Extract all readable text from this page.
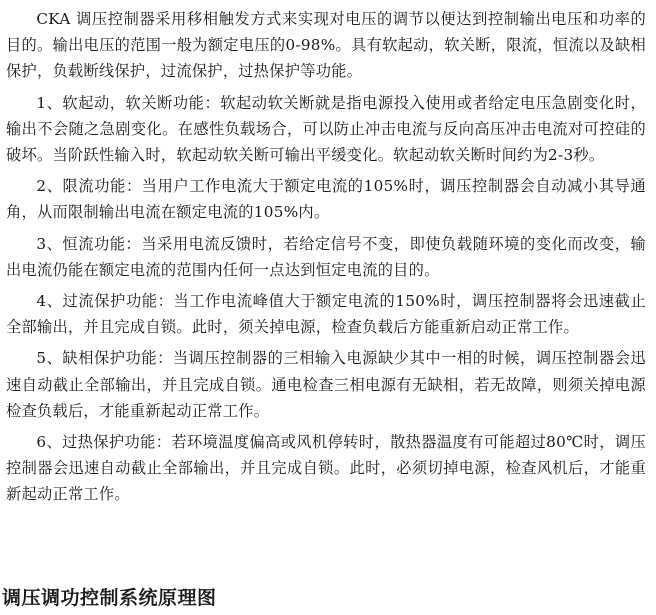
CKA 调压控制器采用移相触发方式来实现对电压的调节以便达到控制输出电压和功率的目的。输出电压的范围一般为额定电压的0-98%。具有软起动，软关断，限流，恒流以及缺相保护，负载断线保护，过流保护，过热保护等功能。

1、软起动，软关断功能：软起动软关断就是指电源投入使用或者给定电压急剧变化时，输出不会随之急剧变化。在感性负载场合，可以防止冲击电流与反向高压冲击电流对可控硅的破坏。当阶跃性输入时，软起动软关断可输出平缓变化。软起动软关断时间约为2-3秒。

2、限流功能：当用户工作电流大于额定电流的105%时，调压控制器会自动减小其导通角，从而限制输出电流在额定电流的105%内。

3、恒流功能：当采用电流反馈时，若给定信号不变，即使负载随环境的变化而改变，输出电流仍能在额定电流的范围内任何一点达到恒定电流的目的。

4、过流保护功能：当工作电流峰值大于额定电流的150%时，调压控制器将会迅速截止全部输出，并且完成自锁。此时，须关掉电源，检查负载后方能重新启动正常工作。

5、缺相保护功能：当调压控制器的三相输入电源缺少其中一相的时候，调压控制器会迅速自动截止全部输出，并且完成自锁。通电检查三相电源有无缺相，若无故障，则须关掉电源检查负载后，才能重新起动正常工作。

6、过热保护功能：若环境温度偏高或风机停转时，散热器温度有可能超过80℃时，调压控制器会迅速自动截止全部输出，并且完成自锁。此时，必须切掉电源，检查风机后，才能重新起动正常工作。

调压调功控制系统原理图
